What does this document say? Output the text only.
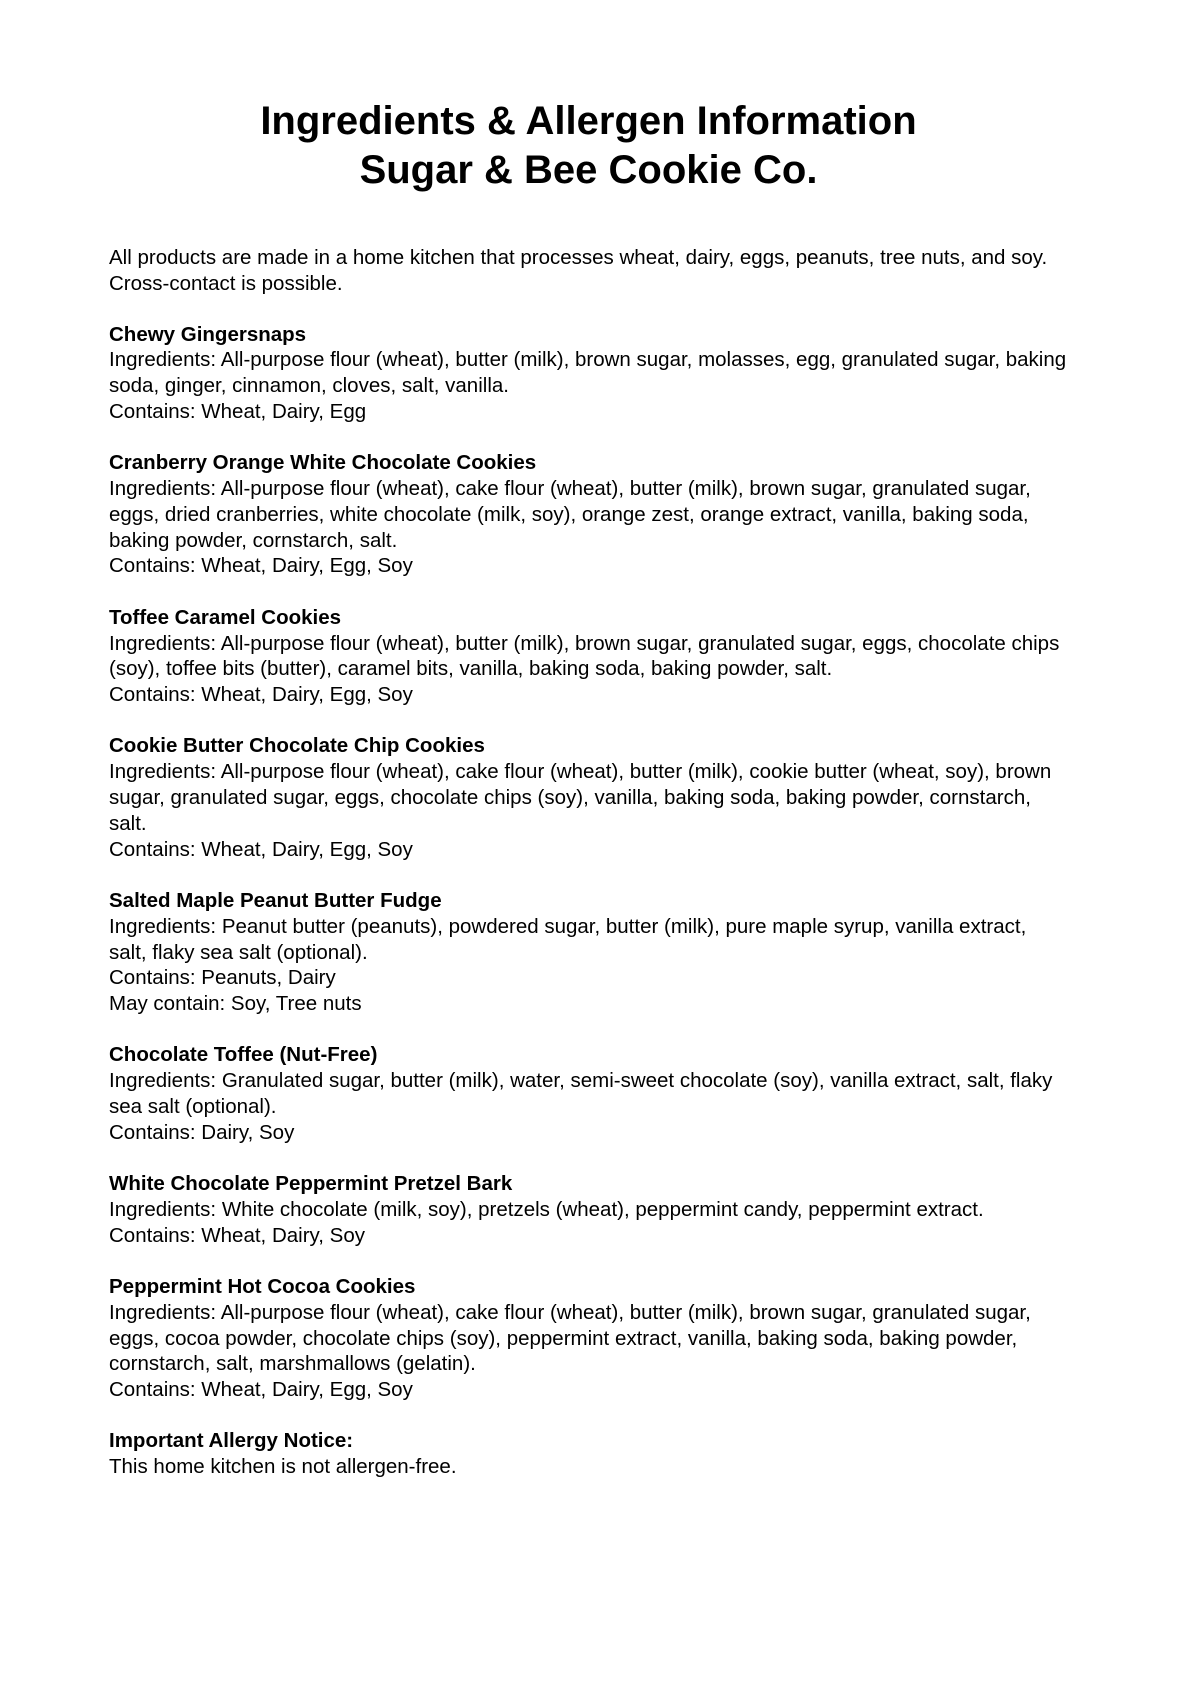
Ingredients & Allergen Information
Sugar & Bee Cookie Co.

All products are made in a home kitchen that processes wheat, dairy, eggs, peanuts, tree nuts, and soy. Cross-contact is possible.

Chewy Gingersnaps
Ingredients: All-purpose flour (wheat), butter (milk), brown sugar, molasses, egg, granulated sugar, baking soda, ginger, cinnamon, cloves, salt, vanilla.
Contains: Wheat, Dairy, Egg
Cranberry Orange White Chocolate Cookies
Ingredients: All-purpose flour (wheat), cake flour (wheat), butter (milk), brown sugar, granulated sugar, eggs, dried cranberries, white chocolate (milk, soy), orange zest, orange extract, vanilla, baking soda, baking powder, cornstarch, salt.
Contains: Wheat, Dairy, Egg, Soy
Toffee Caramel Cookies
Ingredients: All-purpose flour (wheat), butter (milk), brown sugar, granulated sugar, eggs, chocolate chips (soy), toffee bits (butter), caramel bits, vanilla, baking soda, baking powder, salt.
Contains: Wheat, Dairy, Egg, Soy
Cookie Butter Chocolate Chip Cookies
Ingredients: All-purpose flour (wheat), cake flour (wheat), butter (milk), cookie butter (wheat, soy), brown sugar, granulated sugar, eggs, chocolate chips (soy), vanilla, baking soda, baking powder, cornstarch, salt.
Contains: Wheat, Dairy, Egg, Soy
Salted Maple Peanut Butter Fudge
Ingredients: Peanut butter (peanuts), powdered sugar, butter (milk), pure maple syrup, vanilla extract, salt, flaky sea salt (optional).
Contains: Peanuts, Dairy
May contain: Soy, Tree nuts
Chocolate Toffee (Nut-Free)
Ingredients: Granulated sugar, butter (milk), water, semi-sweet chocolate (soy), vanilla extract, salt, flaky sea salt (optional).
Contains: Dairy, Soy
White Chocolate Peppermint Pretzel Bark
Ingredients: White chocolate (milk, soy), pretzels (wheat), peppermint candy, peppermint extract.
Contains: Wheat, Dairy, Soy
Peppermint Hot Cocoa Cookies
Ingredients: All-purpose flour (wheat), cake flour (wheat), butter (milk), brown sugar, granulated sugar, eggs, cocoa powder, chocolate chips (soy), peppermint extract, vanilla, baking soda, baking powder, cornstarch, salt, marshmallows (gelatin).
Contains: Wheat, Dairy, Egg, Soy
Important Allergy Notice:
This home kitchen is not allergen-free.
